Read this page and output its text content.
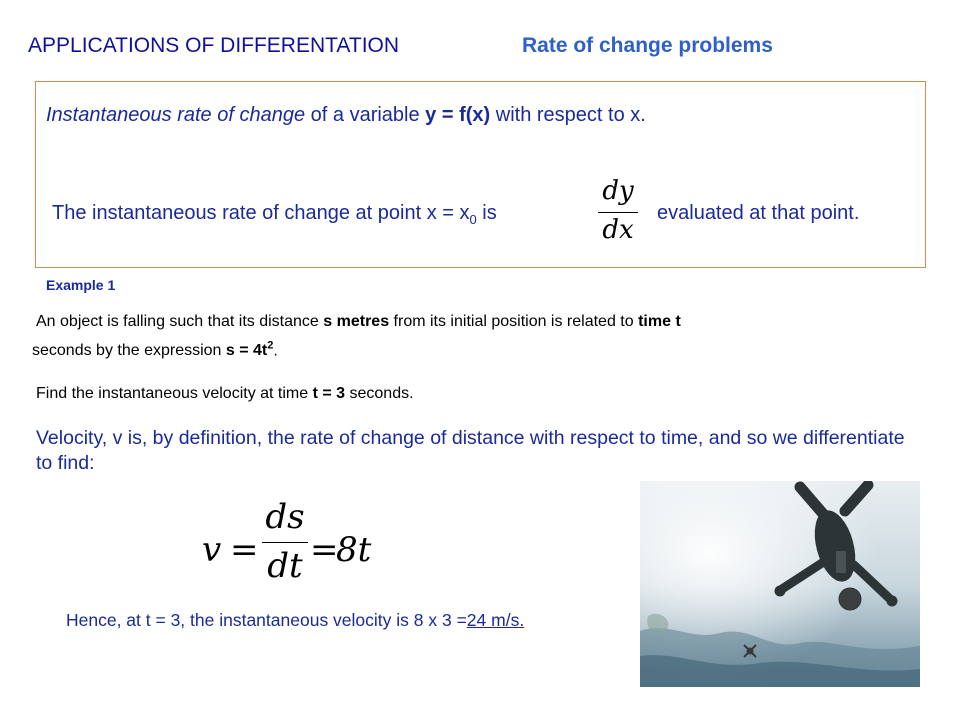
APPLICATIONS OF DIFFERENTATION	Rate of change problems
Instantaneous rate of change of a variable y = f(x) with respect to x.
The instantaneous rate of change at point $x = x_0$ is
dy
dx
evaluated at that point.
Example 1
An object is falling such that its distance s metres from its initial position is related to time t
seconds by the expression $s = 4t^2$.
Find the instantaneous velocity at time t = 3 seconds.
Velocity, v is, by definition, the rate of change of distance with respect to time, and so we differentiate to find:
v =
ds
dt =
8t
Hence, at t = 3, the instantaneous velocity is 8 x 3 =24 m/s.
